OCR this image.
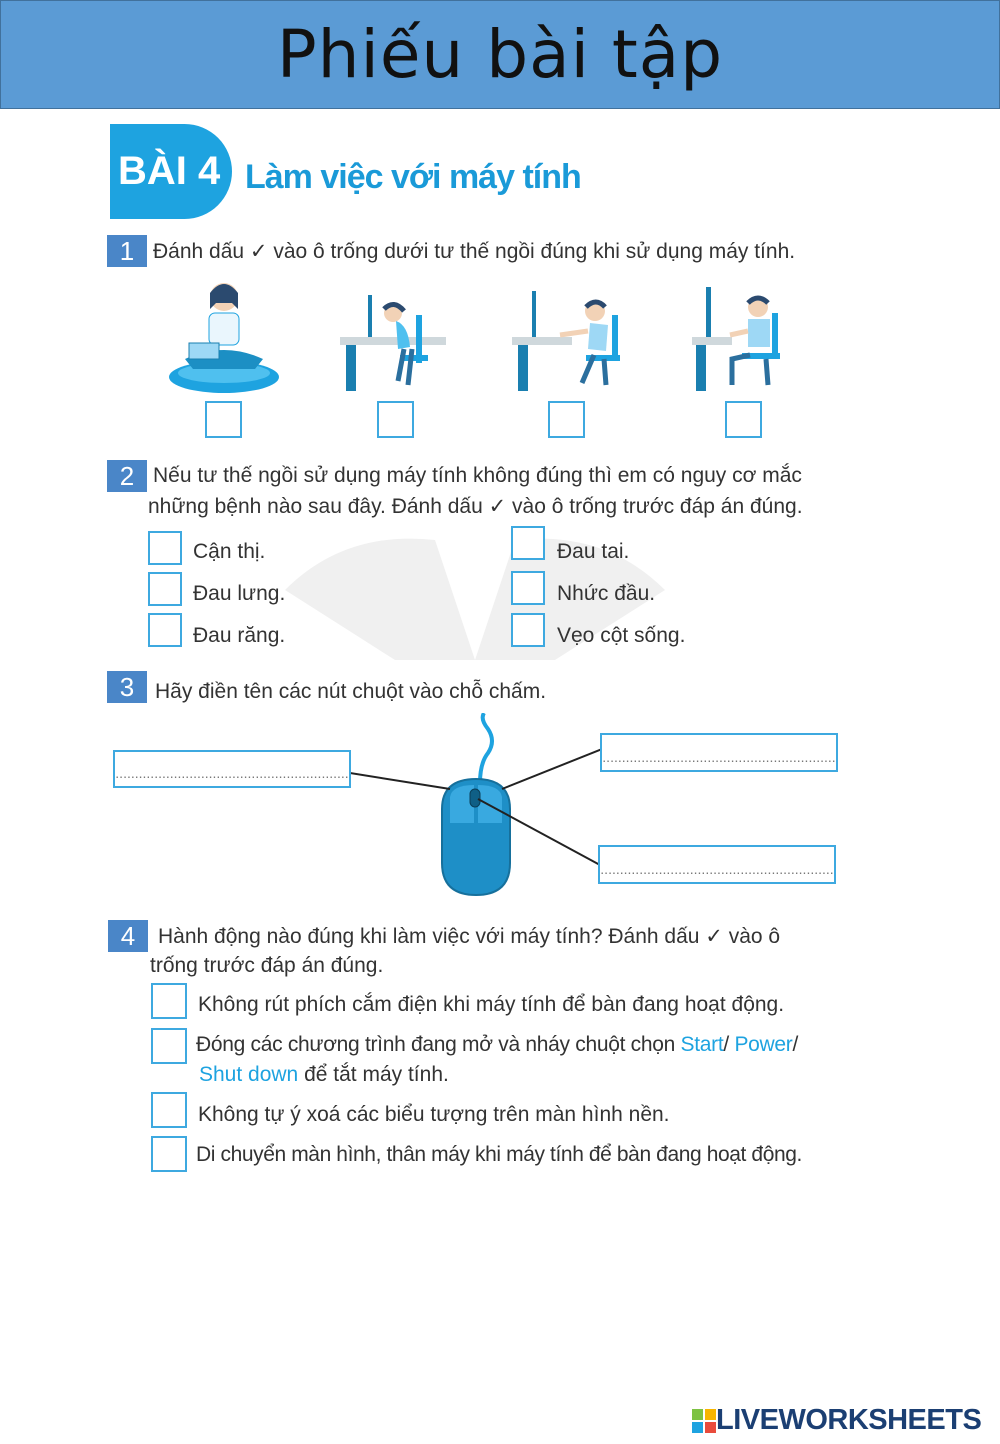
Phiếu bài tập
BÀI 4 Làm việc với máy tính
1 Đánh dấu ✓ vào ô trống dưới tư thế ngồi đúng khi sử dụng máy tính.
2 Nếu tư thế ngồi sử dụng máy tính không đúng thì em có nguy cơ mắc
những bệnh nào sau đây. Đánh dấu ✓ vào ô trống trước đáp án đúng.
Cận thị.
Đau lưng.
Đau răng.
Đau tai.
Nhức đầu.
Vẹo cột sống.
3 Hãy điền tên các nút chuột vào chỗ chấm.
............................................................
............................................................
............................................................
4	Hành động nào đúng khi làm việc với máy tính? Đánh dấu ✓ vào ô
trống trước đáp án đúng.
Không rút phích cắm điện khi máy tính để bàn đang hoạt động.
Đóng các chương trình đang mở và nháy chuột chọn Start/ Power/
Shut down để tắt máy tính.
Không tự ý xoá các biểu tượng trên màn hình nền.
Di chuyển màn hình, thân máy khi máy tính để bàn đang hoạt động.
LIVEWORKSHEETS
